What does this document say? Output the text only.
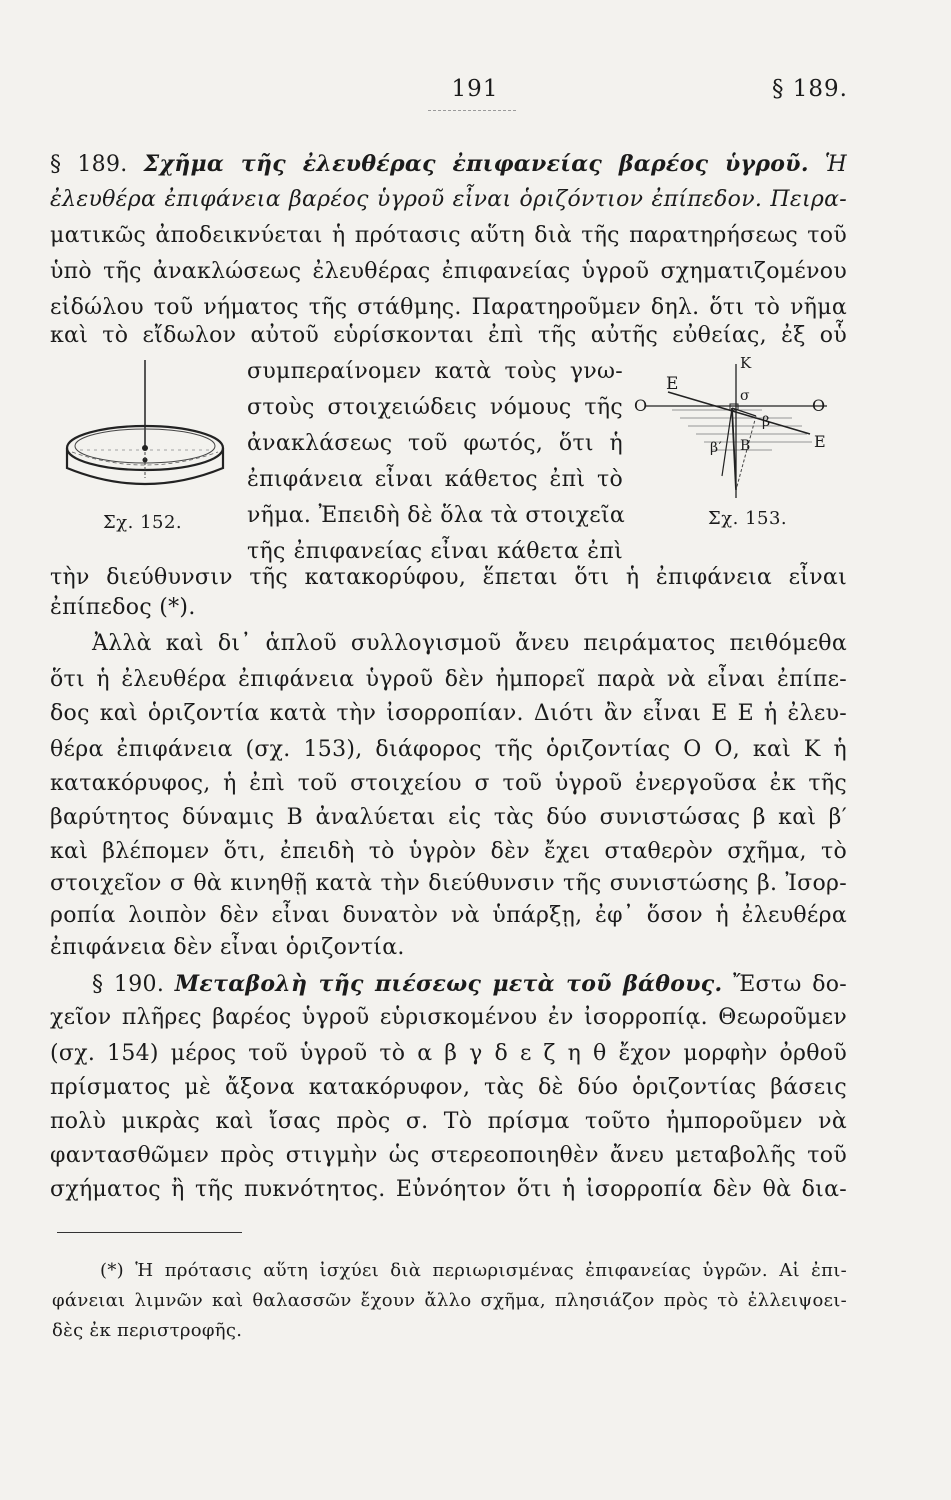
191	§ 189.
§ 189. Σχῆμα τῆς ἐλευθέρας ἐπιφανείας βαρέος ὑγροῦ. Ἡ
ἐλευθέρα ἐπιφάνεια βαρέος ὑγροῦ εἶναι ὁριζόντιον ἐπίπεδον. Πειρα-
ματικῶς ἀποδεικνύεται ἡ πρότασις αὕτη διὰ τῆς παρατηρήσεως τοῦ
ὑπὸ τῆς ἀνακλώσεως ἐλευθέρας ἐπιφανείας ὑγροῦ σχηματιζομένου
εἰδώλου τοῦ νήματος τῆς στάθμης. Παρατηροῦμεν δηλ. ὅτι τὸ νῆμα
καὶ τὸ εἴδωλον αὐτοῦ εὑρίσκονται ἐπὶ τῆς αὐτῆς εὐθείας, ἐξ οὗ
Σχ. 152.
συμπεραίνομεν κατὰ τοὺς γνω-
στοὺς στοιχειώδεις νόμους τῆς
ἀνακλάσεως τοῦ φωτός, ὅτι ἡ
ἐπιφάνεια εἶναι κάθετος ἐπὶ τὸ
νῆμα. Ἐπειδὴ δὲ ὅλα τὰ στοιχεῖα
τῆς ἐπιφανείας εἶναι κάθετα ἐπὶ
K
E
O	O
E
σ
β
β′ B
Σχ. 153.
τὴν διεύθυνσιν τῆς κατακορύφου, ἕπεται ὅτι ἡ ἐπιφάνεια εἶναι
ἐπίπεδος (*).
Ἀλλὰ καὶ δι᾽ ἁπλοῦ συλλογισμοῦ ἄνευ πειράματος πειθόμεθα
ὅτι ἡ ἐλευθέρα ἐπιφάνεια ὑγροῦ δὲν ἠμπορεῖ παρὰ νὰ εἶναι ἐπίπε-
δος καὶ ὁριζοντία κατὰ τὴν ἰσορροπίαν. Διότι ἂν εἶναι Ε Ε ἡ ἐλευ-
θέρα ἐπιφάνεια (σχ. 153), διάφορος τῆς ὁριζοντίας Ο Ο, καὶ Κ ἡ
κατακόρυφος, ἡ ἐπὶ τοῦ στοιχείου σ τοῦ ὑγροῦ ἐνεργοῦσα ἐκ τῆς
βαρύτητος δύναμις Β ἀναλύεται εἰς τὰς δύο συνιστώσας β καὶ β′
καὶ βλέπομεν ὅτι, ἐπειδὴ τὸ ὑγρὸν δὲν ἔχει σταθερὸν σχῆμα, τὸ
στοιχεῖον σ θὰ κινηθῇ κατὰ τὴν διεύθυνσιν τῆς συνιστώσης β. Ἰσορ-
ροπία λοιπὸν δὲν εἶναι δυνατὸν νὰ ὑπάρξῃ, ἐφ᾽ ὅσον ἡ ἐλευθέρα
ἐπιφάνεια δὲν εἶναι ὁριζοντία.
§ 190. Μεταβολὴ τῆς πιέσεως μετὰ τοῦ βάθους. Ἔστω δο-
χεῖον πλῆρες βαρέος ὑγροῦ εὑρισκομένου ἐν ἰσορροπίᾳ. Θεωροῦμεν
(σχ. 154) μέρος τοῦ ὑγροῦ τὸ α β γ δ ε ζ η θ ἔχον μορφὴν ὀρθοῦ
πρίσματος μὲ ἄξονα κατακόρυφον, τὰς δὲ δύο ὁριζοντίας βάσεις
πολὺ μικρὰς καὶ ἴσας πρὸς σ. Τὸ πρίσμα τοῦτο ἠμποροῦμεν νὰ
φαντασθῶμεν πρὸς στιγμὴν ὡς στερεοποιηθὲν ἄνευ μεταβολῆς τοῦ
σχήματος ἢ τῆς πυκνότητος. Εὐνόητον ὅτι ἡ ἰσορροπία δὲν θὰ δια-
(*) Ἡ πρότασις αὕτη ἰσχύει διὰ περιωρισμένας ἐπιφανείας ὑγρῶν. Αἱ ἐπι-
φάνειαι λιμνῶν καὶ θαλασσῶν ἔχουν ἄλλο σχῆμα, πλησιάζον πρὸς τὸ ἐλλειψοει-
δὲς ἐκ περιστροφῆς.
